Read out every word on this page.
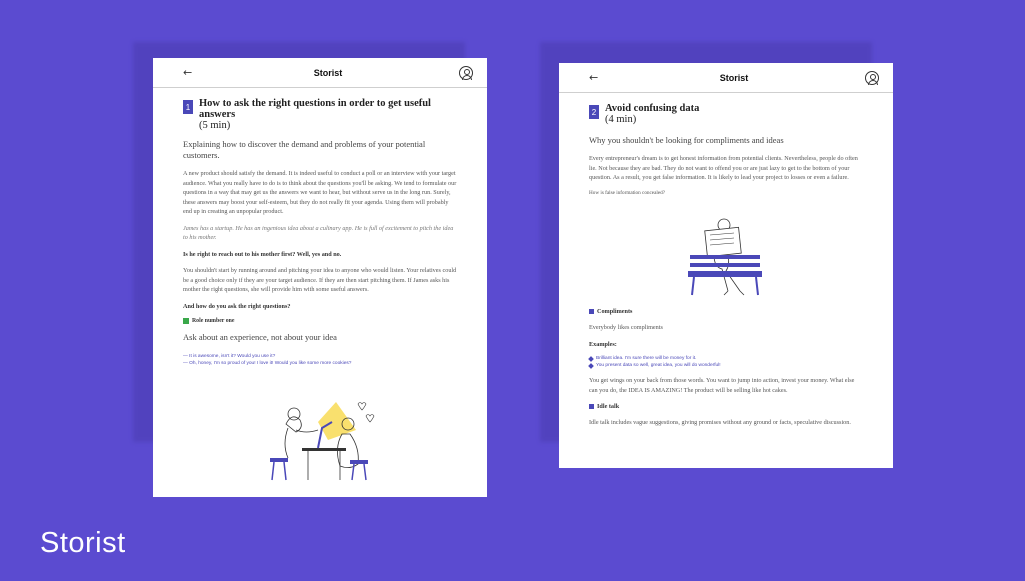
←	Storist
1 How to ask the right questions in order to get useful answers
(5 min)
Explaining how to discover the demand and problems of your potential customers.
A new product should satisfy the demand. It is indeed useful to conduct a poll or an interview with your target audience. What you really have to do is to think about the questions you'll be asking. We tend to formulate our questions in a way that may get us the answers we want to hear, but without serve us in the long run. Surely, these answers may boost your self-esteem, but they do not really fit your agenda. Using them will probably end up in creating an unpopular product.
James has a startup. He has an ingenious idea about a culinary app. He is full of excitement to pitch the idea to his mother.
Is he right to reach out to his mother first? Well, yes and no.
You shouldn't start by running around and pitching your idea to anyone who would listen. Your relatives could be a good choice only if they are your target audience. If they are then start pitching them. If James asks his mother the right questions, she will provide him with some useful answers.
And how do you ask the right questions?
Role number one
Ask about an experience, not about your idea
— It is awesome, isn't it? Would you use it?
— Oh, honey, I'm so proud of you! I love it! Would you like some more cookies?
←	Storist
2 Avoid confusing data
(4 min)
Why you shouldn't be looking for compliments and ideas
Every entrepreneur's dream is to get honest information from potential clients. Nevertheless, people do often lie. Not because they are bad. They do not want to offend you or are just lazy to get to the bottom of your question. As a result, you get false information. It is likely to lead your project to losses or even a failure.
How is false information concealed?
Compliments
Everybody likes compliments
Examples:
Brilliant idea. I'm sure there will be money for it.
You present data so well, great idea, you will do wonderful!
You get wings on your back from those words. You want to jump into action, invest your money. What else can you do, the IDEA IS AMAZING! The product will be selling like hot cakes.
Idle talk
Idle talk includes vague suggestions, giving promises without any ground or facts, speculative discussion.
Storist
